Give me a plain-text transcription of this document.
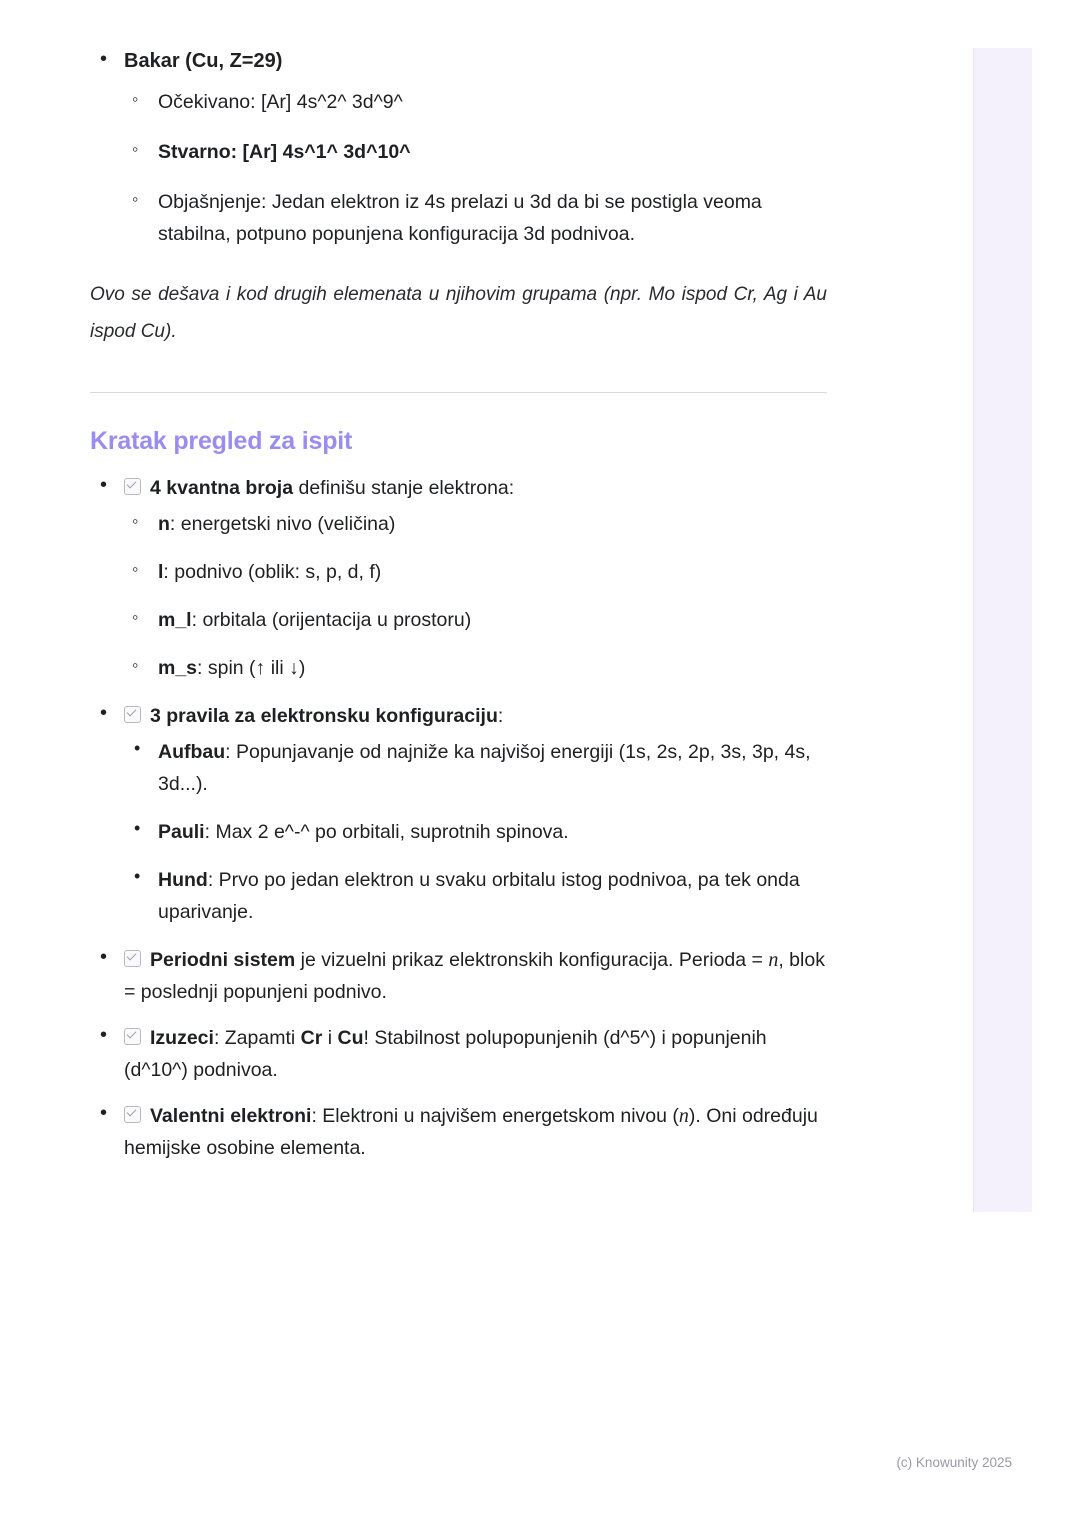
• Bakar (Cu, Z=29)
◦ Očekivano: [Ar] 4s^2^ 3d^9^
◦ Stvarno: [Ar] 4s^1^ 3d^10^
◦ Objašnjenje: Jedan elektron iz 4s prelazi u 3d da bi se postigla veoma stabilna, potpuno popunjena konfiguracija 3d podnivoa.

Ovo se dešava i kod drugih elemenata u njihovim grupama (npr. Mo ispod Cr, Ag i Au ispod Cu).

Kratak pregled za ispit
• 4 kvantna broja definišu stanje elektrona:
◦ n: energetski nivo (veličina)
◦ l: podnivo (oblik: s, p, d, f)
◦ m_l: orbitala (orijentacija u prostoru)
◦ m_s: spin (↑ ili ↓)
• 3 pravila za elektronsku konfiguraciju:
• Aufbau: Popunjavanje od najniže ka najvišoj energiji (1s, 2s, 2p, 3s, 3p, 4s, 3d...).
• Pauli: Max 2 e^-^ po orbitali, suprotnih spinova.
• Hund: Prvo po jedan elektron u svaku orbitalu istog podnivoa, pa tek onda uparivanje.
• Periodni sistem je vizuelni prikaz elektronskih konfiguracija. Perioda = n, blok = poslednji popunjeni podnivo.
• Izuzeci: Zapamti Cr i Cu! Stabilnost polupopunjenih (d^5^) i popunjenih (d^10^) podnivoa.
• Valentni elektroni: Elektroni u najvišem energetskom nivou (n). Oni određuju hemijske osobine elementa.
(c) Knowunity 2025
